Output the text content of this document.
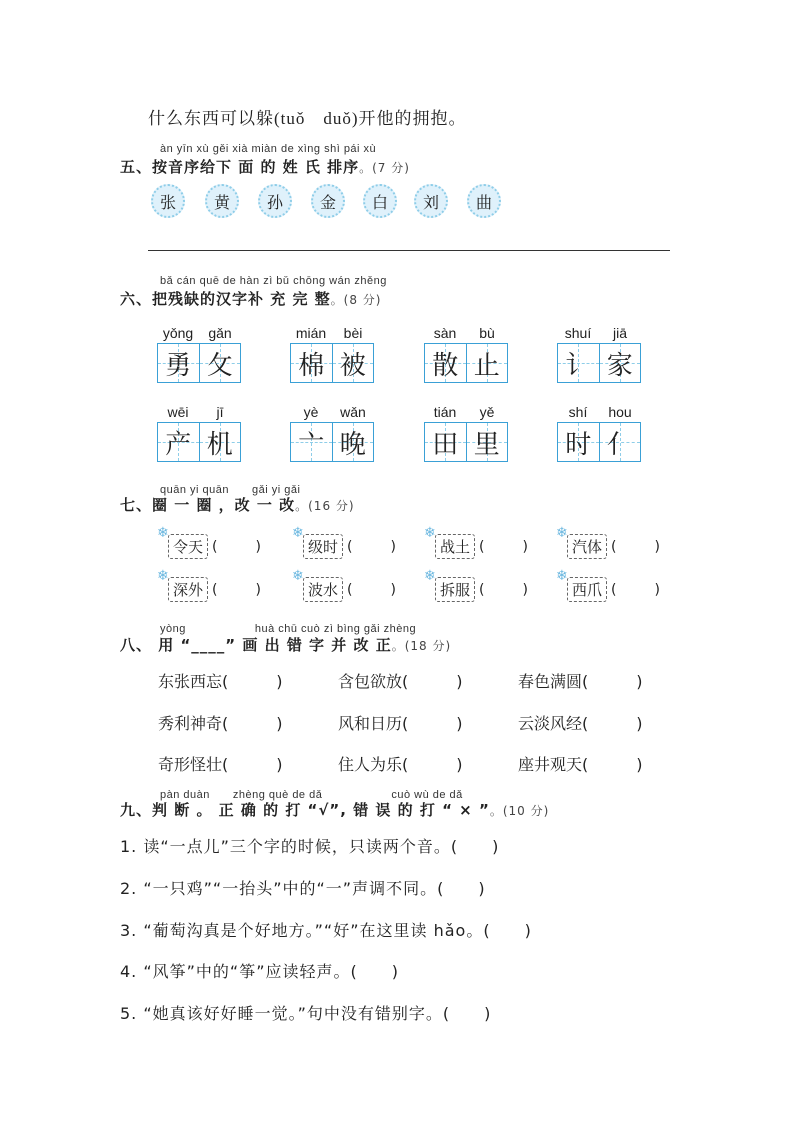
什么东西可以躲(tuǒ　duǒ)开他的拥抱。
àn yīn xù gěi xià miàn de xìng shì pái xù
五、按音序给下 面 的 姓 氏 排序。(7 分)
张	黄	孙	金	白	刘	曲
bǎ cán quē de hàn zì bǔ chōng wán zhěng
六、把残缺的汉字补 充 完 整。(8 分)
yǒng	gǎn
勇 攵
mián	bèi
棉 被
sàn	bù
散 止
shuí	jiā
讠 家
wēi	jī
产 机
yè	wǎn
亠 晚
tián	yě
田 里
shí	hou
时 亻
quān yi quān　　gǎi yi gǎi
七、圈 一 圈 ，改 一 改。(16 分)
❄
令天 ()
❄
级时 ()
❄
战土 ()
❄
汽体 ()
❄
深外 ()
❄
波水 ()
❄
拆服 ()
❄
西爪 ()
yòng　　　　　　huà chū cuò zì bìng gǎi zhèng
八、 用 “____” 画 出 错 字 并 改 正。(18 分)
东张西忘(　　　)	含包欲放(　　　)	春色满圆(　　　)
秀利神奇(　　　)	风和日历(　　　)	云淡风经(　　　)
奇形怪壮(　　　)	住人为乐(　　　)	座井观天(　　　)
pàn duàn　　zhèng què de dǎ　　　　　　cuò wù de dǎ
九、判 断 。 正 确 的 打 “√”, 错 误 的 打 “ × ”。(10 分)
1. 读“一点儿”三个字的时候，只读两个音。(　　)
2. “一只鸡”“一抬头”中的“一”声调不同。(　　)
3. “葡萄沟真是个好地方。”“好”在这里读 hǎo。(　　)
4. “风筝”中的“筝”应读轻声。(　　)
5. “她真该好好睡一觉。”句中没有错别字。(　　)
